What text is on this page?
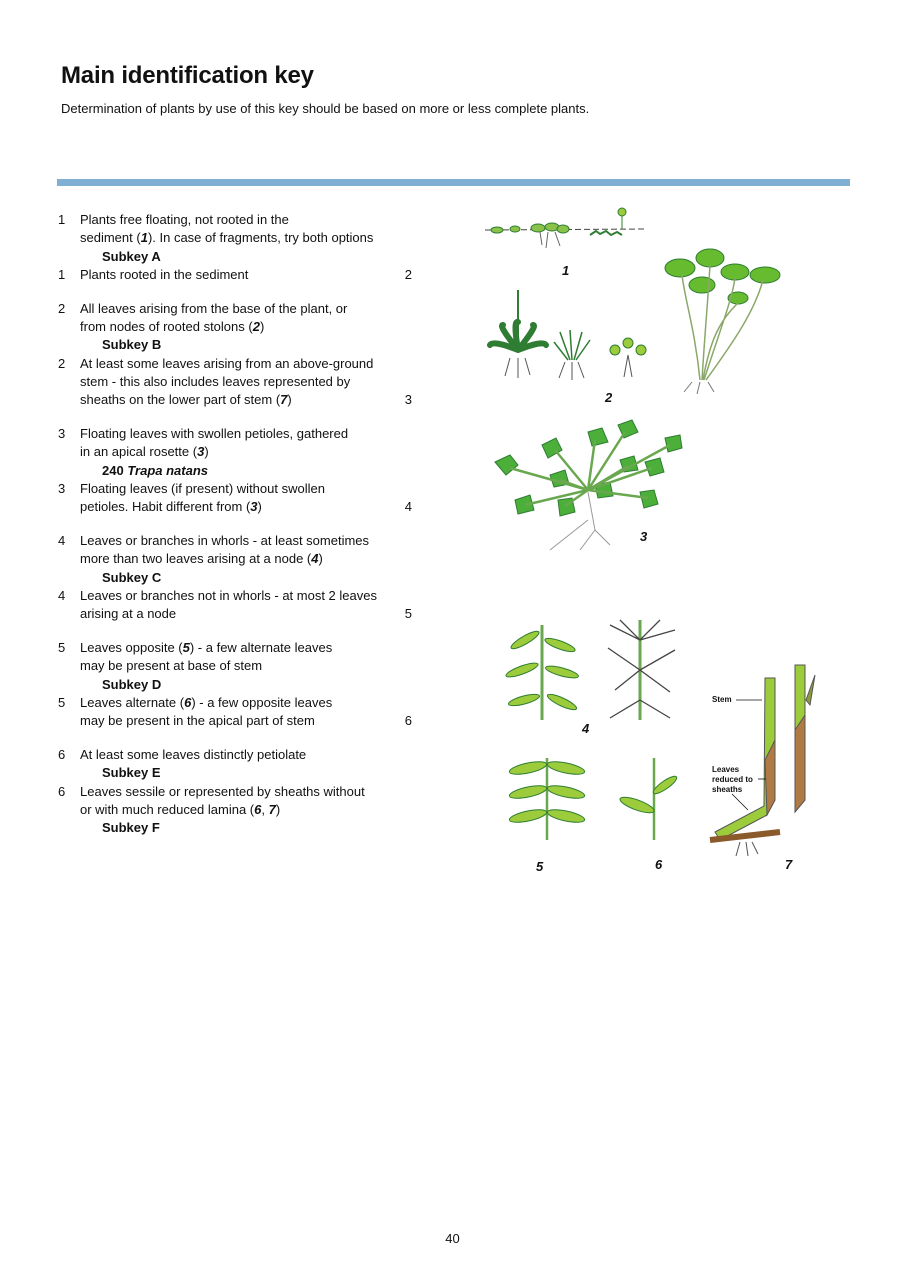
Main identification key
Determination of plants by use of this key should be based on more or less complete plants.
1 Plants free floating, not rooted in the
sediment (1). In case of fragments, try both options
Subkey A
1 Plants rooted in the sediment	2
2 All leaves arising from the base of the plant, or
from nodes of rooted stolons (2)
Subkey B
2 At least some leaves arising from an above-ground
stem - this also includes leaves represented by
sheaths on the lower part of stem (7)	3
3 Floating leaves with swollen petioles, gathered
in an apical rosette (3)
240 Trapa natans
3 Floating leaves (if present) without swollen
petioles. Habit different from (3)	4
4 Leaves or branches in whorls - at least sometimes
more than two leaves arising at a node (4)
Subkey C
4 Leaves or branches not in whorls - at most 2 leaves
arising at a node	5
5 Leaves opposite (5) - a few alternate leaves
may be present at base of stem
Subkey D
5 Leaves alternate (6) - a few opposite leaves
may be present in the apical part of stem	6
6 At least some leaves distinctly petiolate
Subkey E
6 Leaves sessile or represented by sheaths without
or with much reduced lamina (6, 7)
Subkey F
1
2
3
4
5	6	7
Stem
Leaves
reduced to
sheaths
40
